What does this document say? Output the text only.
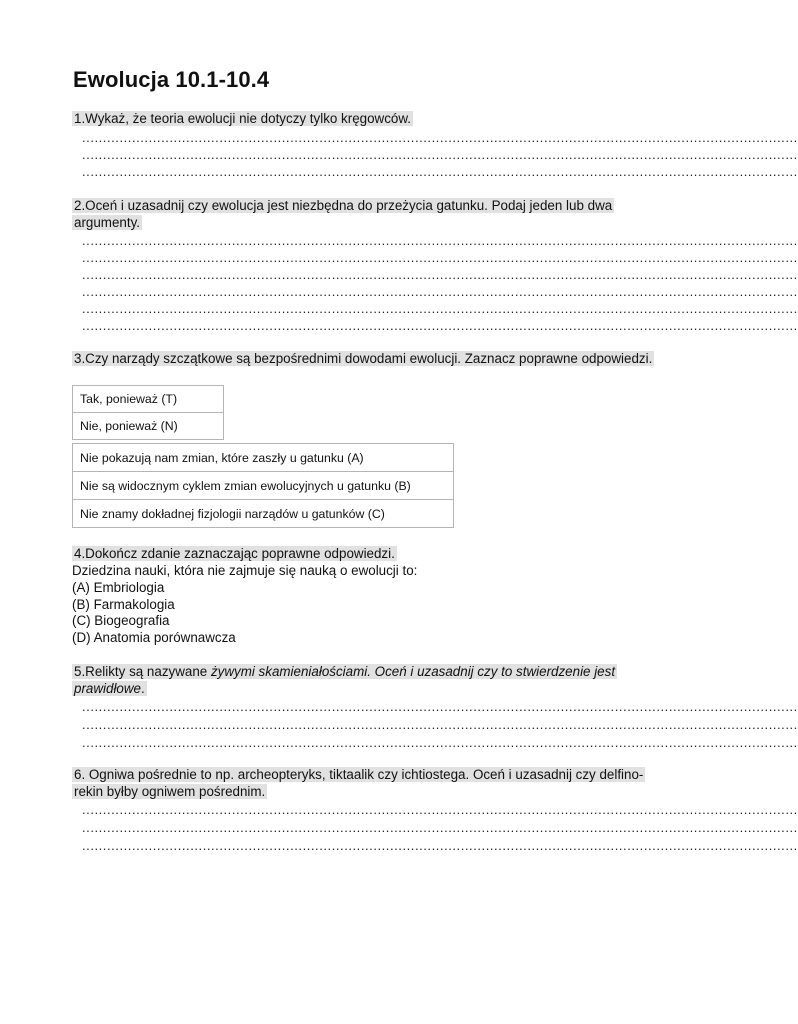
Ewolucja 10.1-10.4
1.Wykaż, że teoria ewolucji nie dotyczy tylko kręgowców.
............................................................................................................................................................................
............................................................................................................................................................................
............................................................................................................................................................................
2.Oceń i uzasadnij czy ewolucja jest niezbędna do przeżycia gatunku. Podaj jeden lub dwa argumenty.
............................................................................................................................................................................
............................................................................................................................................................................
............................................................................................................................................................................
............................................................................................................................................................................
............................................................................................................................................................................
............................................................................................................................................................................
3.Czy narządy szczątkowe są bezpośrednimi dowodami ewolucji. Zaznacz poprawne odpowiedzi.
Tak, ponieważ (T)
Nie, ponieważ (N)
Nie pokazują nam zmian, które zaszły u gatunku (A)
Nie są widocznym cyklem zmian ewolucyjnych u gatunku (B)
Nie znamy dokładnej fizjologii narządów u gatunków (C)
4.Dokończ zdanie zaznaczając poprawne odpowiedzi.
Dziedzina nauki, która nie zajmuje się nauką o ewolucji to:
(A) Embriologia
(B) Farmakologia
(C) Biogeografia
(D) Anatomia porównawcza
5.Relikty są nazywane żywymi skamieniałościami. Oceń i uzasadnij czy to stwierdzenie jest prawidłowe.
............................................................................................................................................................................
............................................................................................................................................................................
............................................................................................................................................................................
6. Ogniwa pośrednie to np. archeopteryks, tiktaalik czy ichtiostega. Oceń i uzasadnij czy delfino-rekin byłby ogniwem pośrednim.
............................................................................................................................................................................
............................................................................................................................................................................
............................................................................................................................................................................
